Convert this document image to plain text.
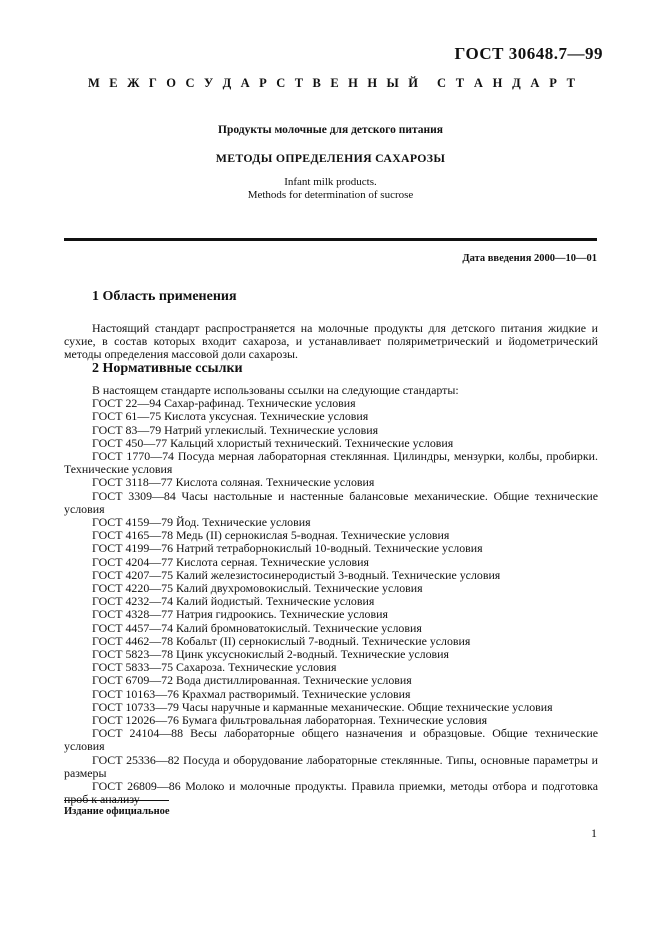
ГОСТ 30648.7—99
М Е Ж Г О С У Д А Р С Т В Е Н Н Ы Й С Т А Н Д А Р Т
Продукты молочные для детского питания
МЕТОДЫ ОПРЕДЕЛЕНИЯ САХАРОЗЫ
Infant milk products.
Methods for determination of sucrose
Дата введения 2000—10—01
1 Область применения
Настоящий стандарт распространяется на молочные продукты для детского питания жидкие и сухие, в состав которых входит сахароза, и устанавливает поляриметрический и йодометрический методы определения массовой доли сахарозы.
2 Нормативные ссылки
В настоящем стандарте использованы ссылки на следующие стандарты:
ГОСТ 22—94 Сахар-рафинад. Технические условия
ГОСТ 61—75 Кислота уксусная. Технические условия
ГОСТ 83—79 Натрий углекислый. Технические условия
ГОСТ 450—77 Кальций хлористый технический. Технические условия
ГОСТ 1770—74 Посуда мерная лабораторная стеклянная. Цилиндры, мензурки, колбы, пробирки. Технические условия
ГОСТ 3118—77 Кислота соляная. Технические условия
ГОСТ 3309—84 Часы настольные и настенные балансовые механические. Общие технические условия
ГОСТ 4159—79 Йод. Технические условия
ГОСТ 4165—78 Медь (II) сернокислая 5-водная. Технические условия
ГОСТ 4199—76 Натрий тетраборнокислый 10-водный. Технические условия
ГОСТ 4204—77 Кислота серная. Технические условия
ГОСТ 4207—75 Калий железистосинеродистый 3-водный. Технические условия
ГОСТ 4220—75 Калий двухромовокислый. Технические условия
ГОСТ 4232—74 Калий йодистый. Технические условия
ГОСТ 4328—77 Натрия гидроокись. Технические условия
ГОСТ 4457—74 Калий бромноватокислый. Технические условия
ГОСТ 4462—78 Кобальт (II) сернокислый 7-водный. Технические условия
ГОСТ 5823—78 Цинк уксуснокислый 2-водный. Технические условия
ГОСТ 5833—75 Сахароза. Технические условия
ГОСТ 6709—72 Вода дистиллированная. Технические условия
ГОСТ 10163—76 Крахмал растворимый. Технические условия
ГОСТ 10733—79 Часы наручные и карманные механические. Общие технические условия
ГОСТ 12026—76 Бумага фильтровальная лабораторная. Технические условия
ГОСТ 24104—88 Весы лабораторные общего назначения и образцовые. Общие технические условия
ГОСТ 25336—82 Посуда и оборудование лабораторные стеклянные. Типы, основные параметры и размеры
ГОСТ 26809—86 Молоко и молочные продукты. Правила приемки, методы отбора и подготовка проб к анализу
Издание официальное
1
